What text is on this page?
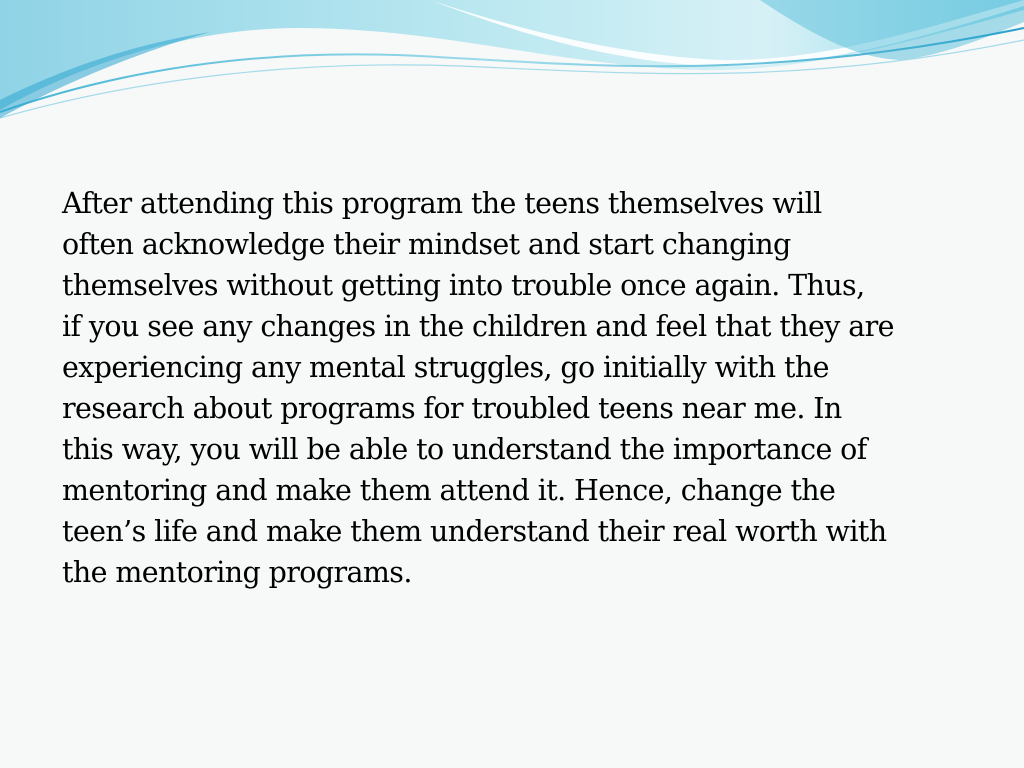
After attending this program the teens themselves will
often acknowledge their mindset and start changing
themselves without getting into trouble once again. Thus,
if you see any changes in the children and feel that they are
experiencing any mental struggles, go initially with the
research about programs for troubled teens near me. In
this way, you will be able to understand the importance of
mentoring and make them attend it. Hence, change the
teen’s life and make them understand their real worth with
the mentoring programs.
